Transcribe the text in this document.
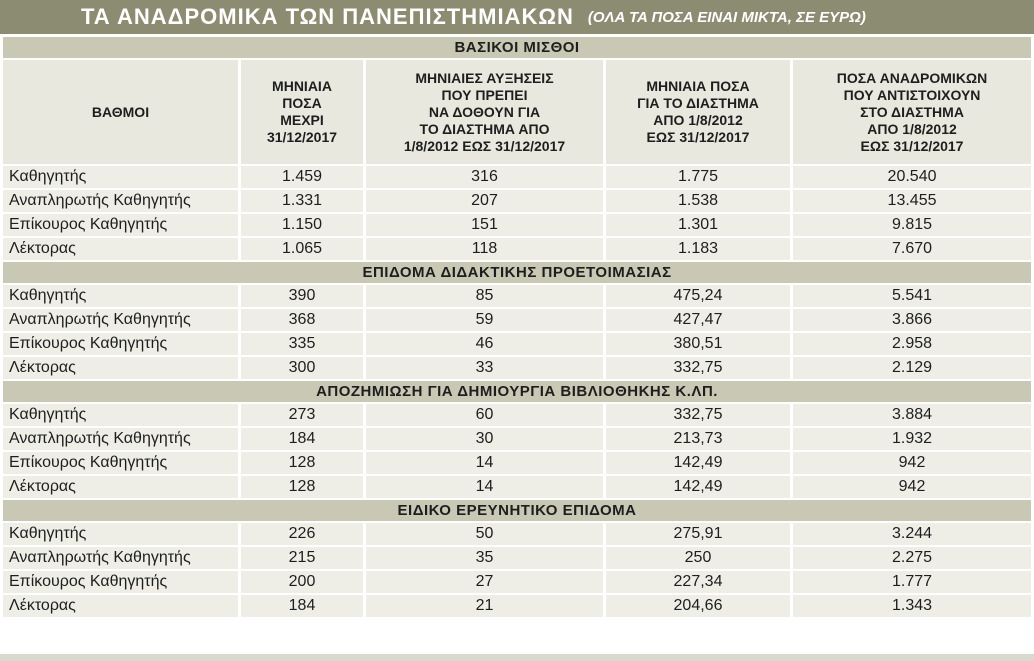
ΤΑ ΑΝΑΔΡΟΜΙΚΑ ΤΩΝ ΠΑΝΕΠΙΣΤΗΜΙΑΚΩΝ (ΟΛΑ ΤΑ ΠΟΣΑ ΕΙΝΑΙ ΜΙΚΤΑ, ΣΕ ΕΥΡΩ)
ΒΑΣΙΚΟΙ ΜΙΣΘΟΙ				
ΒΑΘΜΟΙ	ΜΗΝΙΑΙΑ
ΠΟΣΑ
ΜΕΧΡΙ
31/12/2017	ΜΗΝΙΑΙΕΣ ΑΥΞΗΣΕΙΣ
ΠΟΥ ΠΡΕΠΕΙ
ΝΑ ΔΟΘΟΥΝ ΓΙΑ
ΤΟ ΔΙΑΣΤΗΜΑ ΑΠΟ
1/8/2012 ΕΩΣ 31/12/2017	ΜΗΝΙΑΙΑ ΠΟΣΑ
ΓΙΑ ΤΟ ΔΙΑΣΤΗΜΑ
ΑΠΟ 1/8/2012
ΕΩΣ 31/12/2017	ΠΟΣΑ ΑΝΑΔΡΟΜΙΚΩΝ
ΠΟΥ ΑΝΤΙΣΤΟΙΧΟΥΝ
ΣΤΟ ΔΙΑΣΤΗΜΑ
ΑΠΟ 1/8/2012
ΕΩΣ 31/12/2017
Καθηγητής	1.459	316	1.775	20.540
Αναπληρωτής Καθηγητής	1.331	207	1.538	13.455
Επίκουρος Καθηγητής	1.150	151	1.301	9.815
Λέκτορας	1.065	118	1.183	7.670
ΕΠΙΔΟΜΑ ΔΙΔΑΚΤΙΚΗΣ ΠΡΟΕΤΟΙΜΑΣΙΑΣ				
Καθηγητής	390	85	475,24	5.541
Αναπληρωτής Καθηγητής	368	59	427,47	3.866
Επίκουρος Καθηγητής	335	46	380,51	2.958
Λέκτορας	300	33	332,75	2.129
ΑΠΟΖΗΜΙΩΣΗ ΓΙΑ ΔΗΜΙΟΥΡΓΙΑ ΒΙΒΛΙΟΘΗΚΗΣ Κ.ΛΠ.				
Καθηγητής	273	60	332,75	3.884
Αναπληρωτής Καθηγητής	184	30	213,73	1.932
Επίκουρος Καθηγητής	128	14	142,49	942
Λέκτορας	128	14	142,49	942
ΕΙΔΙΚΟ ΕΡΕΥΝΗΤΙΚΟ ΕΠΙΔΟΜΑ				
Καθηγητής	226	50	275,91	3.244
Αναπληρωτής Καθηγητής	215	35	250	2.275
Επίκουρος Καθηγητής	200	27	227,34	1.777
Λέκτορας	184	21	204,66	1.343
